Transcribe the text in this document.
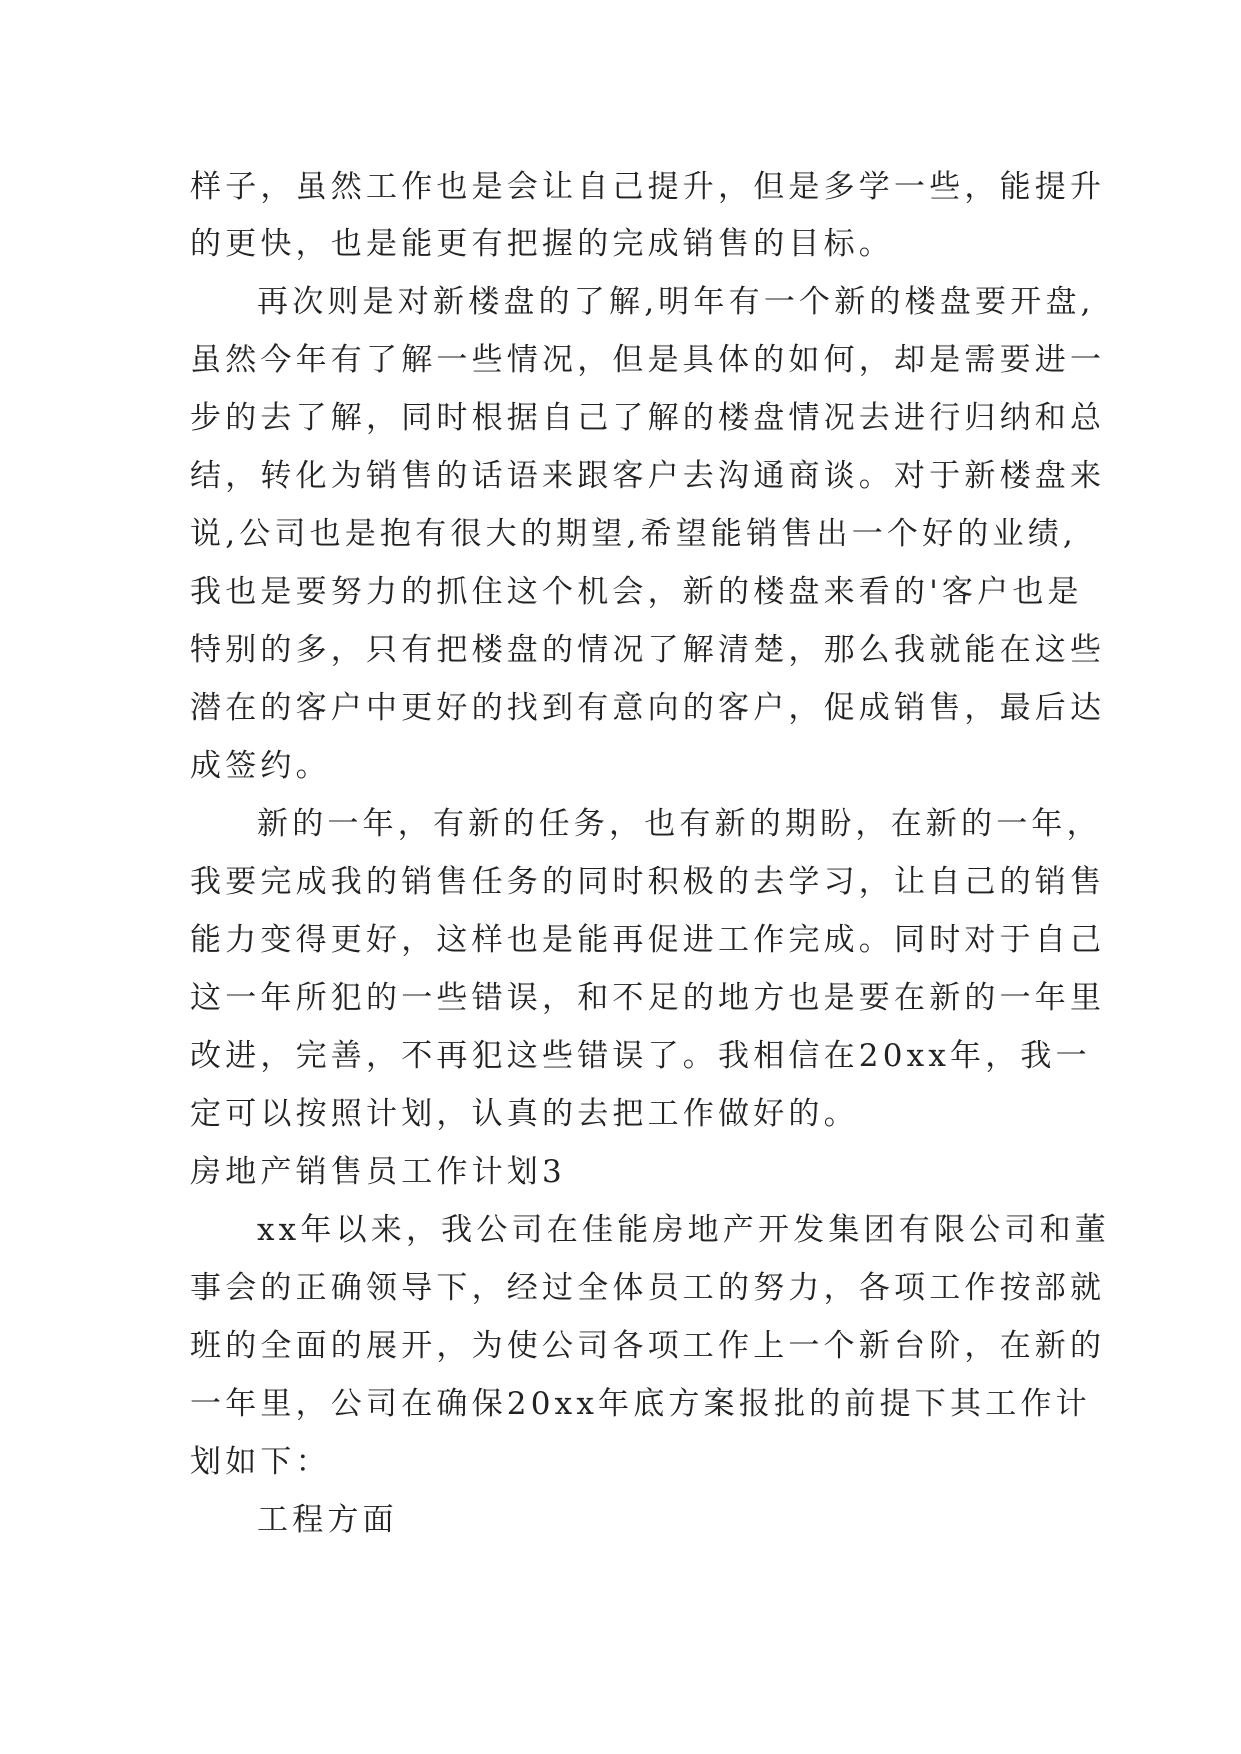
样子，虽然工作也是会让自己提升，但是多学一些，能提升
的更快，也是能更有把握的完成销售的目标。
再次则是对新楼盘的了解,明年有一个新的楼盘要开盘,
虽然今年有了解一些情况，但是具体的如何，却是需要进一
步的去了解，同时根据自己了解的楼盘情况去进行归纳和总
结，转化为销售的话语来跟客户去沟通商谈。对于新楼盘来
说,公司也是抱有很大的期望,希望能销售出一个好的业绩,
我也是要努力的抓住这个机会，新的楼盘来看的'客户也是
特别的多，只有把楼盘的情况了解清楚，那么我就能在这些
潜在的客户中更好的找到有意向的客户，促成销售，最后达
成签约。
新的一年，有新的任务，也有新的期盼，在新的一年，
我要完成我的销售任务的同时积极的去学习，让自己的销售
能力变得更好，这样也是能再促进工作完成。同时对于自己
这一年所犯的一些错误，和不足的地方也是要在新的一年里
改进，完善，不再犯这些错误了。我相信在20xx年，我一
定可以按照计划，认真的去把工作做好的。
房地产销售员工作计划3
xx年以来，我公司在佳能房地产开发集团有限公司和董
事会的正确领导下，经过全体员工的努力，各项工作按部就
班的全面的展开，为使公司各项工作上一个新台阶，在新的
一年里，公司在确保20xx年底方案报批的前提下其工作计
划如下：
工程方面
